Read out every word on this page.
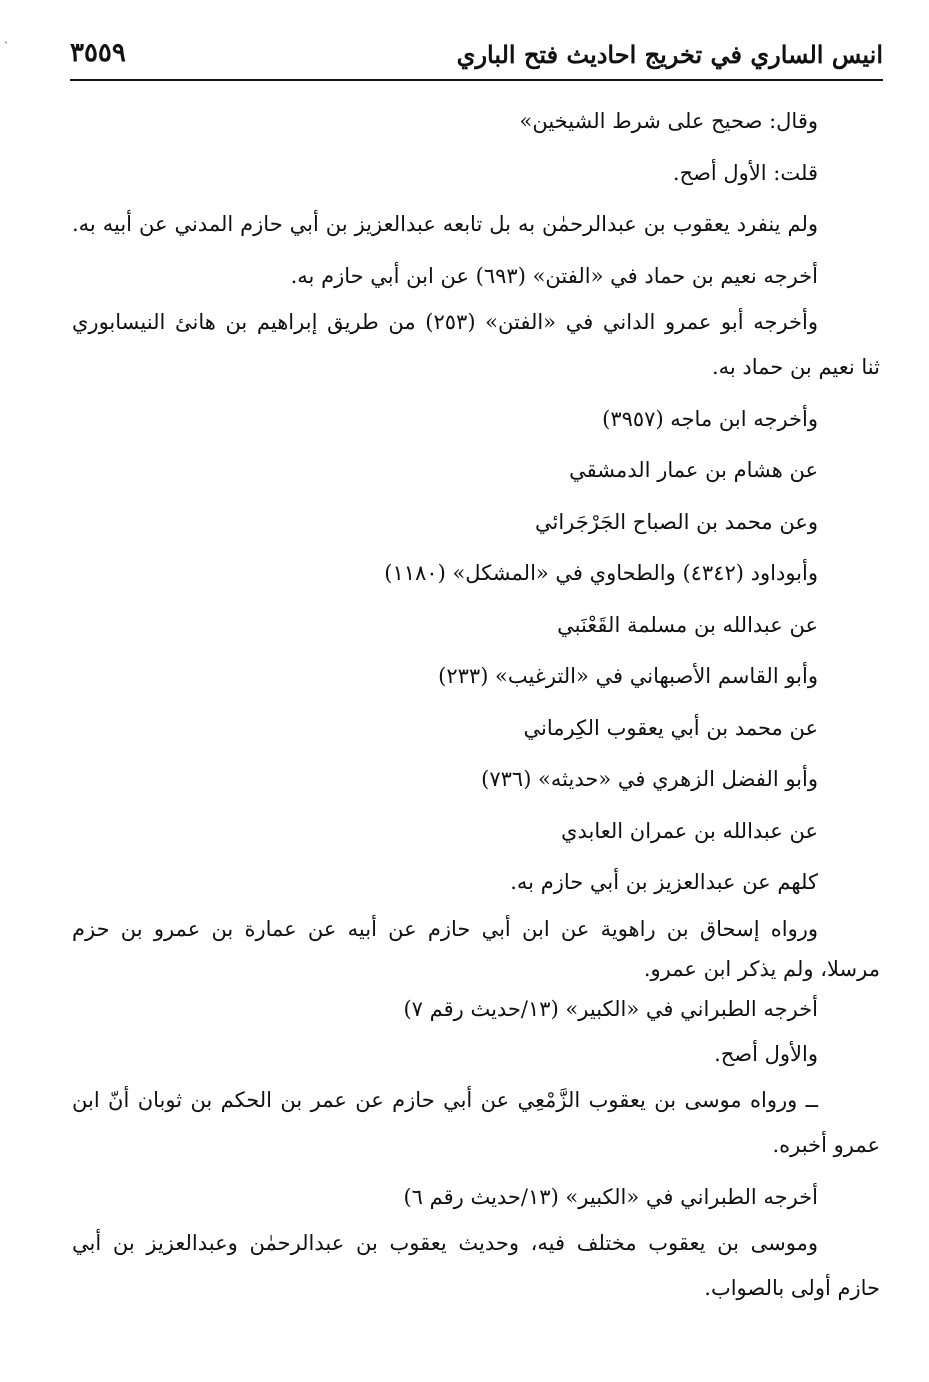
ˏ
انيس الساري في تخريج احاديث فتح الباري
٣٥٥٩
وقال: صحيح على شرط الشيخين»
قلت: الأول أصح.
ولم ينفرد يعقوب بن عبدالرحمٰن به بل تابعه عبدالعزيز بن أبي حازم المدني عن أبيه به.
أخرجه نعيم بن حماد في «الفتن» (٦٩٣) عن ابن أبي حازم به.
وأخرجه أبو عمرو الداني في «الفتن» (٢٥٣) من طريق إبراهيم بن هانئ النيسابوري
ثنا نعيم بن حماد به.
وأخرجه ابن ماجه (٣٩٥٧)
عن هشام بن عمار الدمشقي
وعن محمد بن الصباح الجَرْجَرائي
وأبوداود (٤٣٤٢) والطحاوي في «المشكل» (١١٨٠)
عن عبدالله بن مسلمة القَعْنَبي
وأبو القاسم الأصبهاني في «الترغيب» (٢٣٣)
عن محمد بن أبي يعقوب الكِرماني
وأبو الفضل الزهري في «حديثه» (٧٣٦)
عن عبدالله بن عمران العابدي
كلهم عن عبدالعزيز بن أبي حازم به.
ورواه إسحاق بن راهوية عن ابن أبي حازم عن أبيه عن عمارة بن عمرو بن حزم
مرسلا، ولم يذكر ابن عمرو.
أخرجه الطبراني في «الكبير» (١٣/حديث رقم ٧)
والأول أصح.
ــ ورواه موسى بن يعقوب الزَّمْعِي عن أبي حازم عن عمر بن الحكم بن ثوبان أنّ ابن
عمرو أخبره.
أخرجه الطبراني في «الكبير» (١٣/حديث رقم ٦)
وموسى بن يعقوب مختلف فيه، وحديث يعقوب بن عبدالرحمٰن وعبدالعزيز بن أبي
حازم أولى بالصواب.
